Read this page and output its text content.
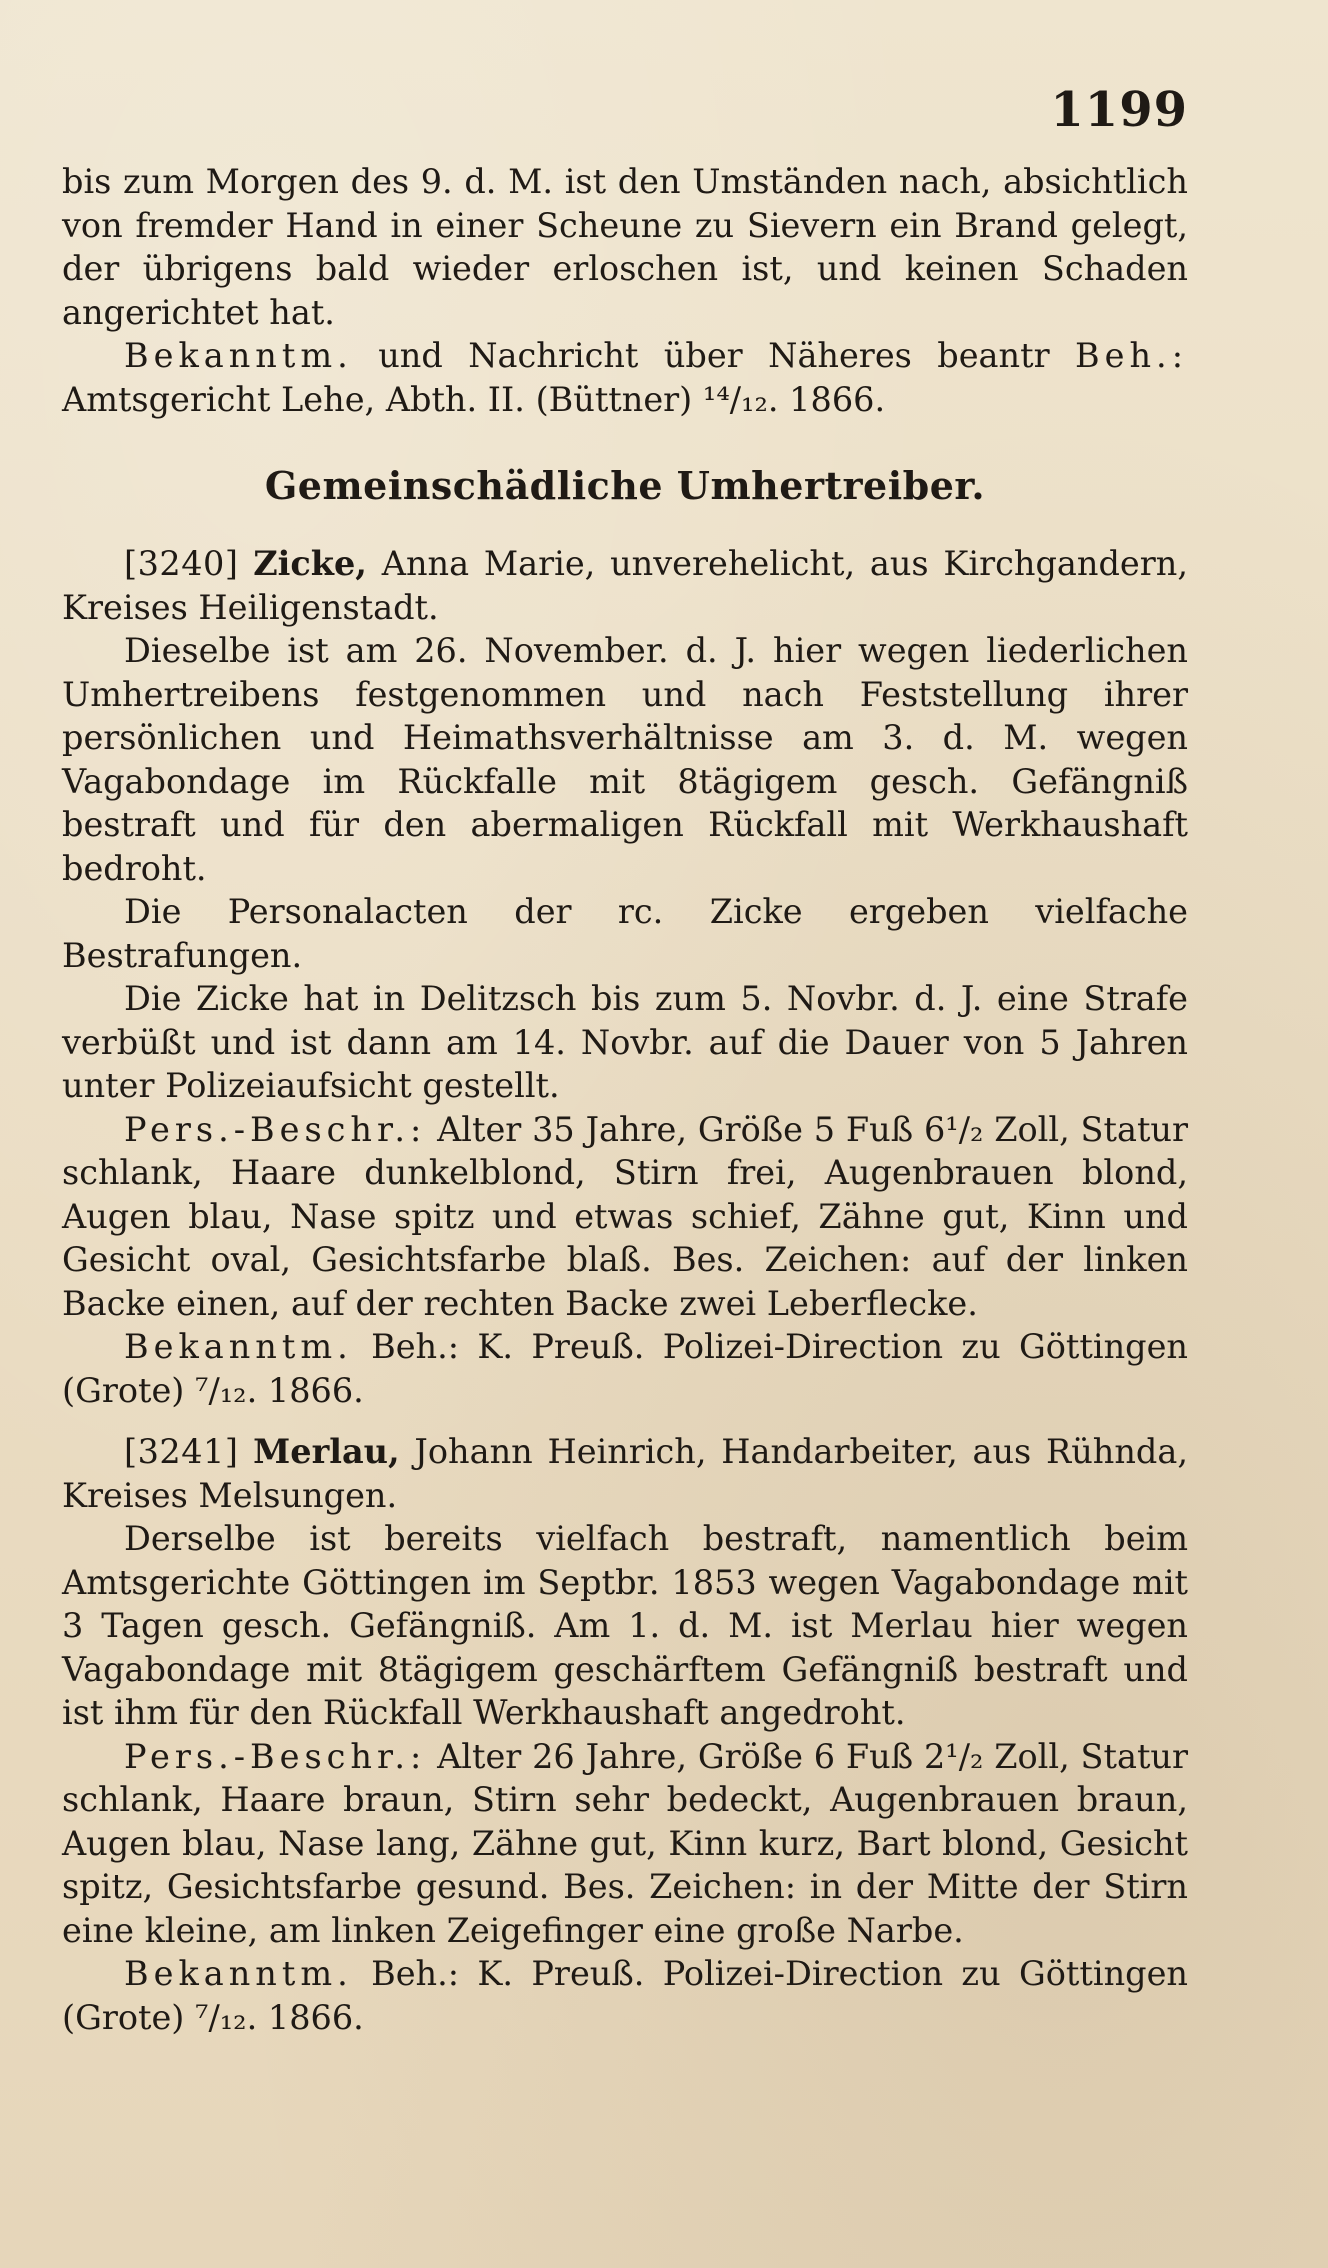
1199

bis zum Morgen des 9. d. M. ist den Umständen nach, absichtlich von fremder Hand in einer Scheune zu Sievern ein Brand gelegt, der übrigens bald wieder erloschen ist, und keinen Schaden angerichtet hat.

Bekanntm. und Nachricht über Näheres beantr Beh.: Amtsgericht Lehe, Abth. II. (Büttner) ¹⁴/₁₂. 1866.

Gemeinschädliche Umhertreiber.

[3240] Zicke, Anna Marie, unverehelicht, aus Kirchgandern, Kreises Heiligenstadt.

Dieselbe ist am 26. November. d. J. hier wegen liederlichen Umhertreibens festgenommen und nach Feststellung ihrer persönlichen und Heimathsverhältnisse am 3. d. M. wegen Vagabondage im Rückfalle mit 8tägigem gesch. Gefängniß bestraft und für den abermaligen Rückfall mit Werkhaushaft bedroht.

Die Personalacten der rc. Zicke ergeben vielfache Bestrafungen.

Die Zicke hat in Delitzsch bis zum 5. Novbr. d. J. eine Strafe verbüßt und ist dann am 14. Novbr. auf die Dauer von 5 Jahren unter Polizeiaufsicht gestellt.

Pers.-Beschr.: Alter 35 Jahre, Größe 5 Fuß 6¹/₂ Zoll, Statur schlank, Haare dunkelblond, Stirn frei, Augenbrauen blond, Augen blau, Nase spitz und etwas schief, Zähne gut, Kinn und Gesicht oval, Gesichtsfarbe blaß. Bes. Zeichen: auf der linken Backe einen, auf der rechten Backe zwei Leberflecke.

Bekanntm. Beh.: K. Preuß. Polizei-Direction zu Göttingen (Grote) ⁷/₁₂. 1866.

[3241] Merlau, Johann Heinrich, Handarbeiter, aus Rühnda, Kreises Melsungen.

Derselbe ist bereits vielfach bestraft, namentlich beim Amtsgerichte Göttingen im Septbr. 1853 wegen Vagabondage mit 3 Tagen gesch. Gefängniß. Am 1. d. M. ist Merlau hier wegen Vagabondage mit 8tägigem geschärftem Gefängniß bestraft und ist ihm für den Rückfall Werkhaushaft angedroht.

Pers.-Beschr.: Alter 26 Jahre, Größe 6 Fuß 2¹/₂ Zoll, Statur schlank, Haare braun, Stirn sehr bedeckt, Augenbrauen braun, Augen blau, Nase lang, Zähne gut, Kinn kurz, Bart blond, Gesicht spitz, Gesichtsfarbe gesund. Bes. Zeichen: in der Mitte der Stirn eine kleine, am linken Zeigefinger eine große Narbe.

Bekanntm. Beh.: K. Preuß. Polizei-Direction zu Göttingen (Grote) ⁷/₁₂. 1866.
